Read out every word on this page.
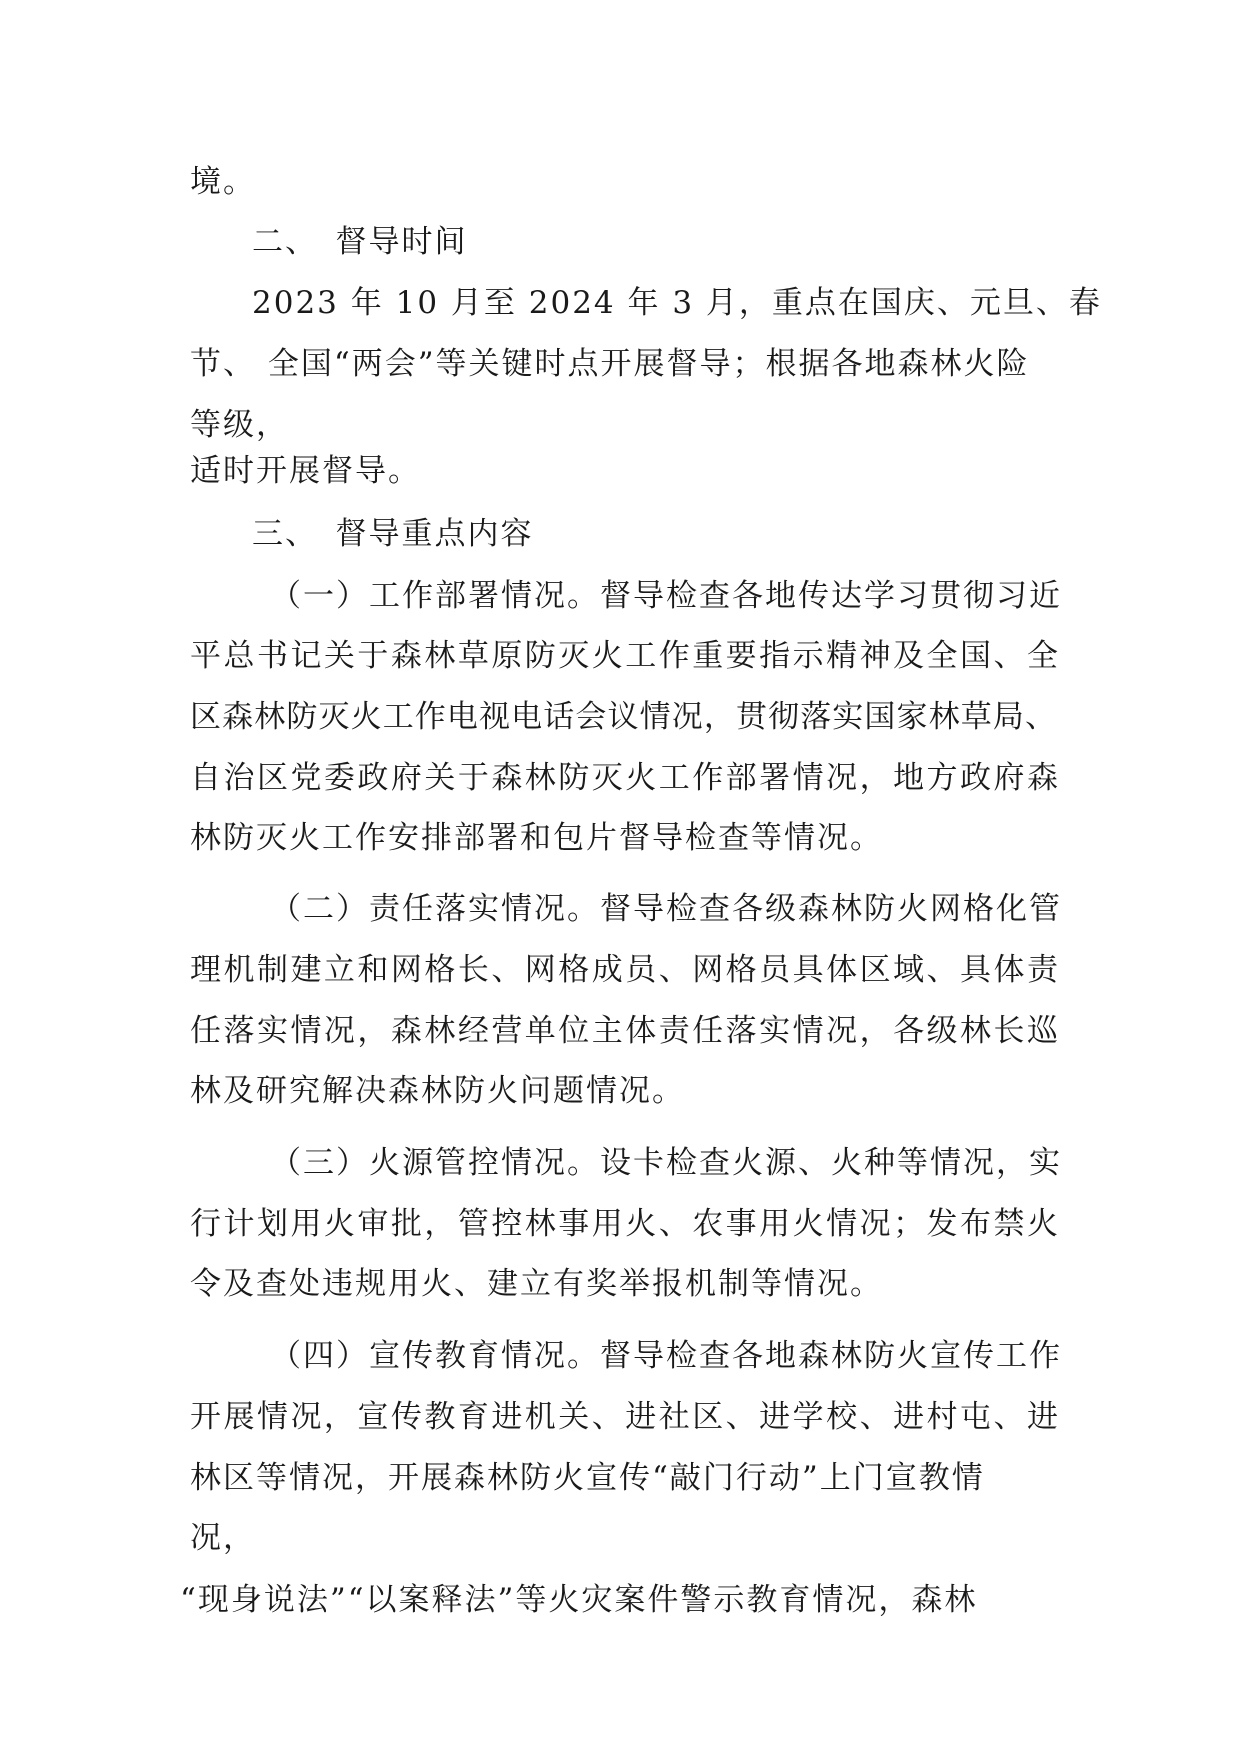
境。
二、　督导时间
2023 年 10 月至 2024 年 3 月，重点在国庆、元旦、春
节、 全国“两会”等关键时点开展督导；根据各地森林火险
等级，
适时开展督导。
三、　督导重点内容
（一）工作部署情况。督导检查各地传达学习贯彻习近
平总书记关于森林草原防灭火工作重要指示精神及全国、全
区森林防灭火工作电视电话会议情况，贯彻落实国家林草局、
自治区党委政府关于森林防灭火工作部署情况，地方政府森
林防灭火工作安排部署和包片督导检查等情况。
（二）责任落实情况。督导检查各级森林防火网格化管
理机制建立和网格长、网格成员、网格员具体区域、具体责
任落实情况，森林经营单位主体责任落实情况，各级林长巡
林及研究解决森林防火问题情况。
（三）火源管控情况。设卡检查火源、火种等情况，实
行计划用火审批，管控林事用火、农事用火情况；发布禁火
令及查处违规用火、建立有奖举报机制等情况。
（四）宣传教育情况。督导检查各地森林防火宣传工作
开展情况，宣传教育进机关、进社区、进学校、进村屯、进
林区等情况，开展森林防火宣传“敲门行动”上门宣教情
况，
“现身说法”“以案释法”等火灾案件警示教育情况，森林
